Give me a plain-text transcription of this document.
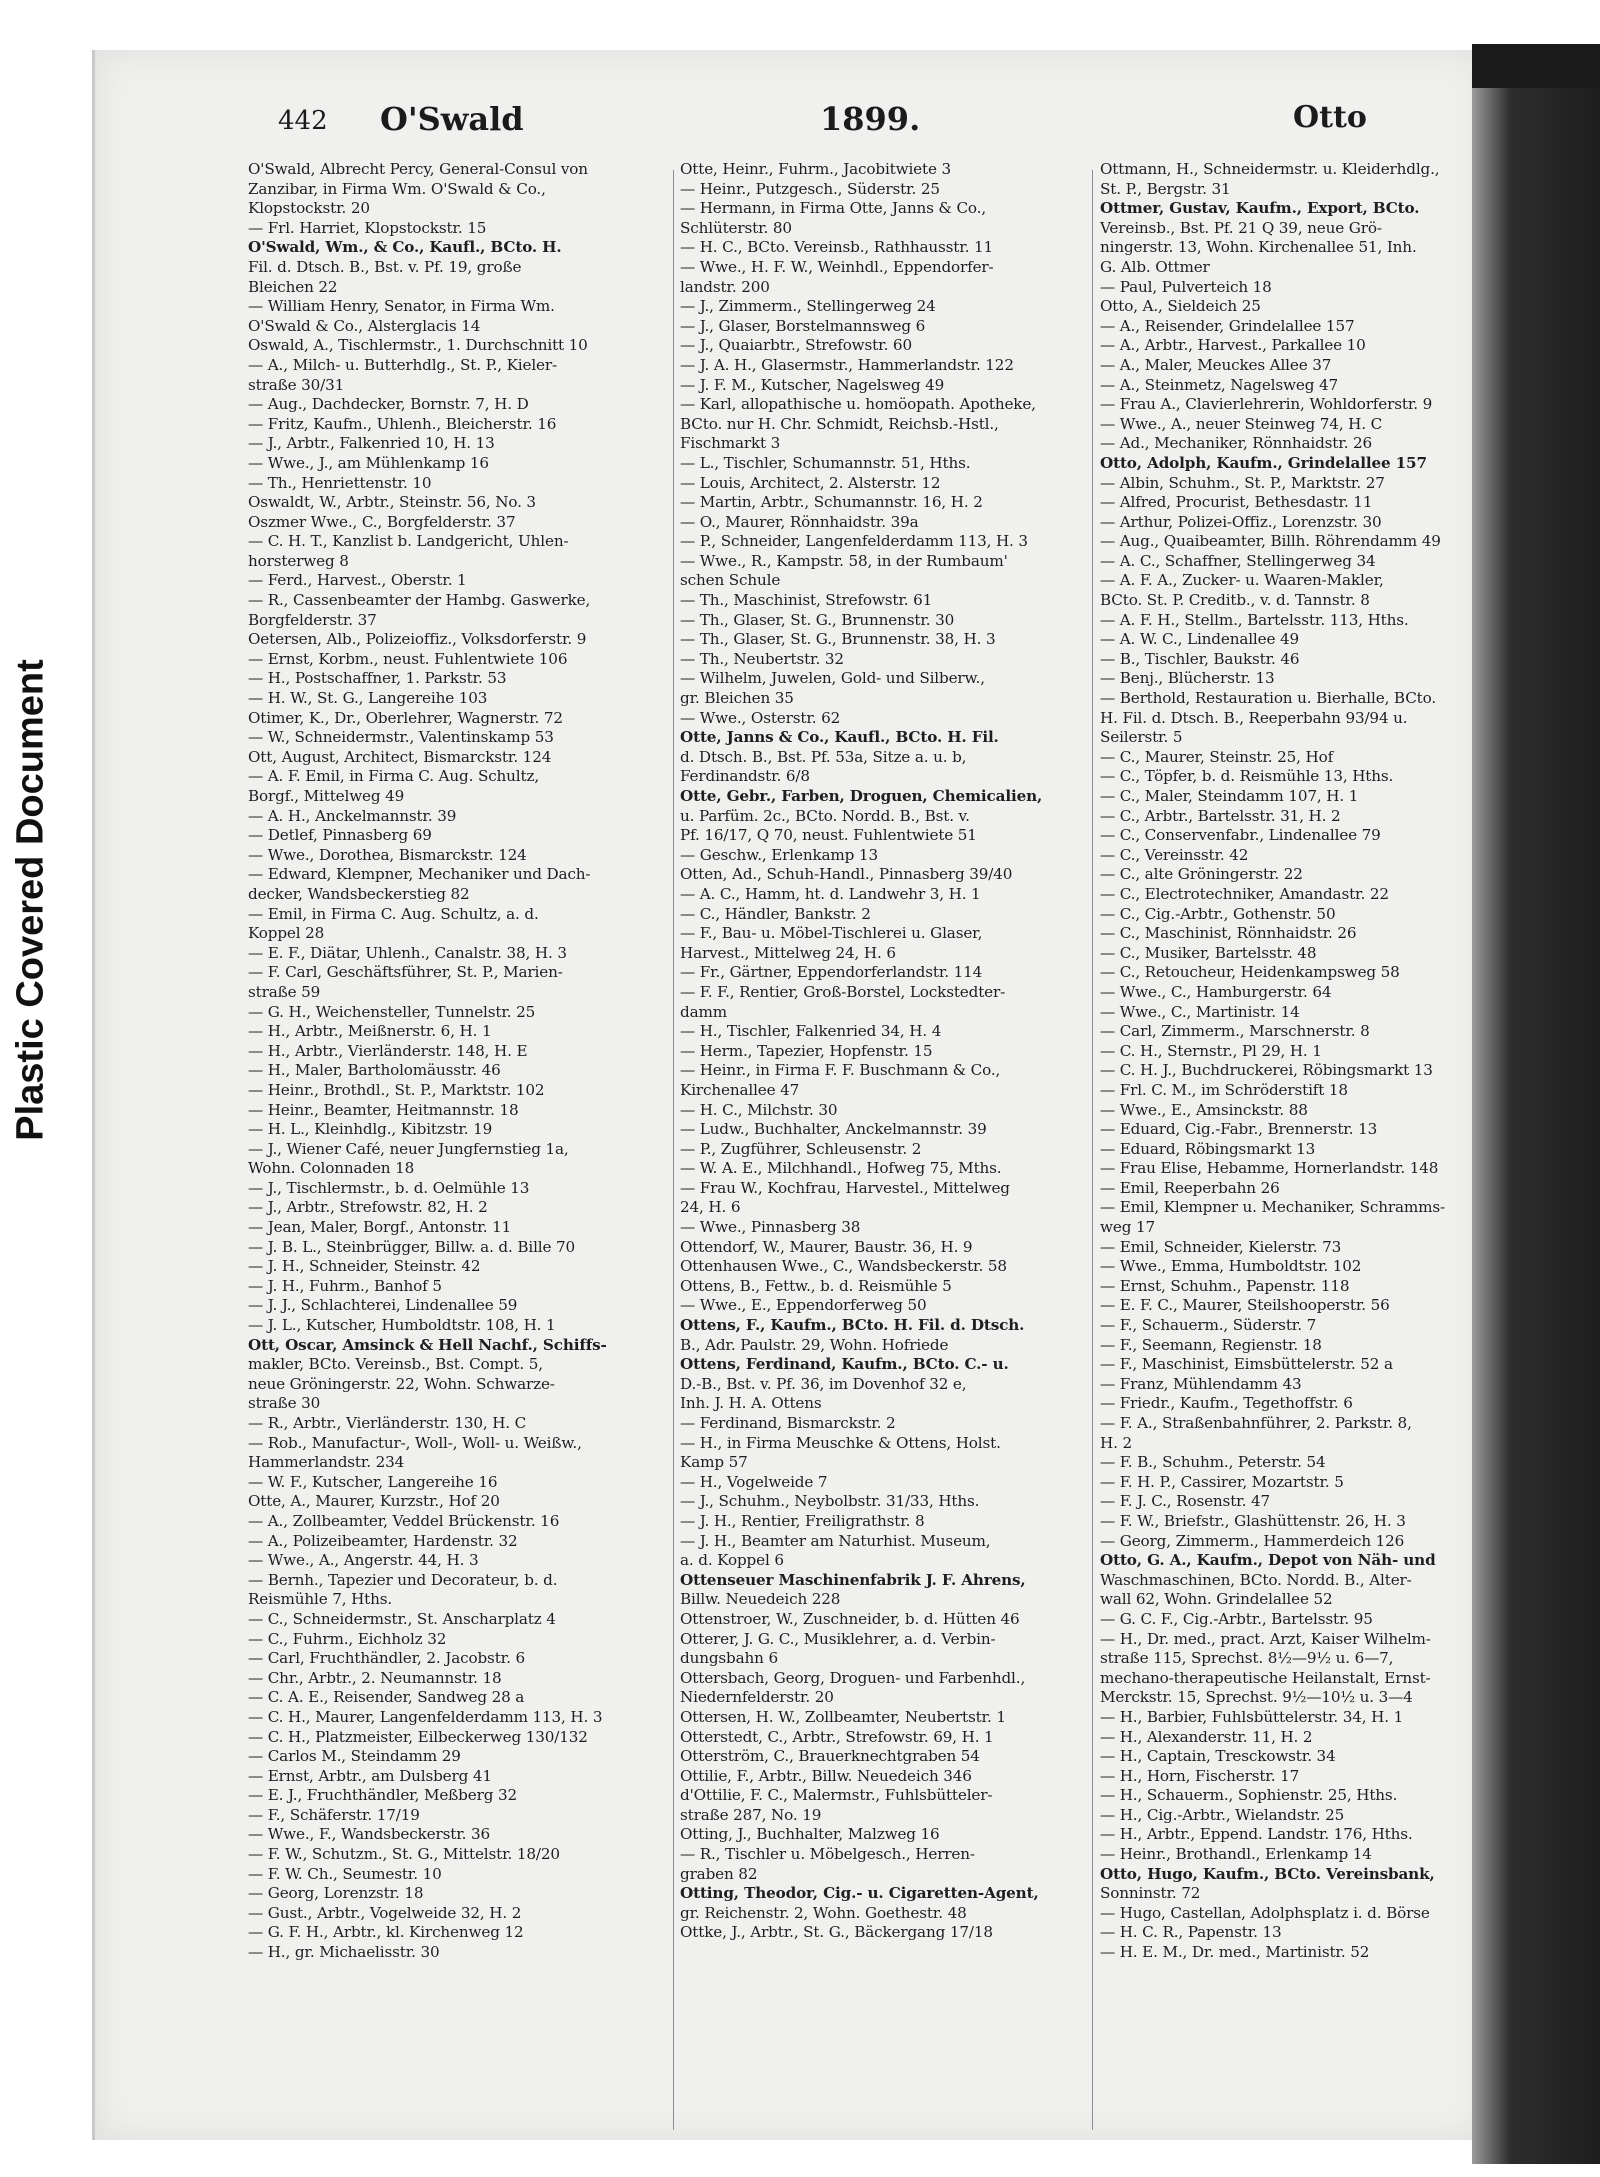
Plastic Covered Document
442 O'Swald	1899.	Otto
O'Swald, Albrecht Percy, General-Consul von
Zanzibar, in Firma Wm. O'Swald & Co.,
Klopstockstr. 20
— Frl. Harriet, Klopstockstr. 15
O'Swald, Wm., & Co., Kaufl., BCto. H.
Fil. d. Dtsch. B., Bst. v. Pf. 19, große
Bleichen 22
— William Henry, Senator, in Firma Wm.
O'Swald & Co., Alsterglacis 14
Oswald, A., Tischlermstr., 1. Durchschnitt 10
— A., Milch- u. Butterhdlg., St. P., Kieler-
straße 30/31
— Aug., Dachdecker, Bornstr. 7, H. D
— Fritz, Kaufm., Uhlenh., Bleicherstr. 16
— J., Arbtr., Falkenried 10, H. 13
— Wwe., J., am Mühlenkamp 16
— Th., Henriettenstr. 10
Oswaldt, W., Arbtr., Steinstr. 56, No. 3
Oszmer Wwe., C., Borgfelderstr. 37
— C. H. T., Kanzlist b. Landgericht, Uhlen-
horsterweg 8
— Ferd., Harvest., Oberstr. 1
— R., Cassenbeamter der Hambg. Gaswerke,
Borgfelderstr. 37
Oetersen, Alb., Polizeioffiz., Volksdorferstr. 9
— Ernst, Korbm., neust. Fuhlentwiete 106
— H., Postschaffner, 1. Parkstr. 53
— H. W., St. G., Langereihe 103
Otimer, K., Dr., Oberlehrer, Wagnerstr. 72
— W., Schneidermstr., Valentinskamp 53
Ott, August, Architect, Bismarckstr. 124
— A. F. Emil, in Firma C. Aug. Schultz,
Borgf., Mittelweg 49
— A. H., Anckelmannstr. 39
— Detlef, Pinnasberg 69
— Wwe., Dorothea, Bismarckstr. 124
— Edward, Klempner, Mechaniker und Dach-
decker, Wandsbeckerstieg 82
— Emil, in Firma C. Aug. Schultz, a. d.
Koppel 28
— E. F., Diätar, Uhlenh., Canalstr. 38, H. 3
— F. Carl, Geschäftsführer, St. P., Marien-
straße 59
— G. H., Weichensteller, Tunnelstr. 25
— H., Arbtr., Meißnerstr. 6, H. 1
— H., Arbtr., Vierländerstr. 148, H. E
— H., Maler, Bartholomäusstr. 46
— Heinr., Brothdl., St. P., Marktstr. 102
— Heinr., Beamter, Heitmannstr. 18
— H. L., Kleinhdlg., Kibitzstr. 19
— J., Wiener Café, neuer Jungfernstieg 1a,
Wohn. Colonnaden 18
— J., Tischlermstr., b. d. Oelmühle 13
— J., Arbtr., Strefowstr. 82, H. 2
— Jean, Maler, Borgf., Antonstr. 11
— J. B. L., Steinbrügger, Billw. a. d. Bille 70
— J. H., Schneider, Steinstr. 42
— J. H., Fuhrm., Banhof 5
— J. J., Schlachterei, Lindenallee 59
— J. L., Kutscher, Humboldtstr. 108, H. 1
Ott, Oscar, Amsinck & Hell Nachf., Schiffs-
makler, BCto. Vereinsb., Bst. Compt. 5,
neue Gröningerstr. 22, Wohn. Schwarze-
straße 30
— R., Arbtr., Vierländerstr. 130, H. C
— Rob., Manufactur-, Woll-, Woll- u. Weißw.,
Hammerlandstr. 234
— W. F., Kutscher, Langereihe 16
Otte, A., Maurer, Kurzstr., Hof 20
— A., Zollbeamter, Veddel Brückenstr. 16
— A., Polizeibeamter, Hardenstr. 32
— Wwe., A., Angerstr. 44, H. 3
— Bernh., Tapezier und Decorateur, b. d.
Reismühle 7, Hths.
— C., Schneidermstr., St. Anscharplatz 4
— C., Fuhrm., Eichholz 32
— Carl, Fruchthändler, 2. Jacobstr. 6
— Chr., Arbtr., 2. Neumannstr. 18
— C. A. E., Reisender, Sandweg 28 a
— C. H., Maurer, Langenfelderdamm 113, H. 3
— C. H., Platzmeister, Eilbeckerweg 130/132
— Carlos M., Steindamm 29
— Ernst, Arbtr., am Dulsberg 41
— E. J., Fruchthändler, Meßberg 32
— F., Schäferstr. 17/19
— Wwe., F., Wandsbeckerstr. 36
— F. W., Schutzm., St. G., Mittelstr. 18/20
— F. W. Ch., Seumestr. 10
— Georg, Lorenzstr. 18
— Gust., Arbtr., Vogelweide 32, H. 2
— G. F. H., Arbtr., kl. Kirchenweg 12
— H., gr. Michaelisstr. 30
Otte, Heinr., Fuhrm., Jacobitwiete 3
— Heinr., Putzgesch., Süderstr. 25
— Hermann, in Firma Otte, Janns & Co.,
Schlüterstr. 80
— H. C., BCto. Vereinsb., Rathhausstr. 11
— Wwe., H. F. W., Weinhdl., Eppendorfer-
landstr. 200
— J., Zimmerm., Stellingerweg 24
— J., Glaser, Borstelmannsweg 6
— J., Quaiarbtr., Strefowstr. 60
— J. A. H., Glasermstr., Hammerlandstr. 122
— J. F. M., Kutscher, Nagelsweg 49
— Karl, allopathische u. homöopath. Apotheke,
BCto. nur H. Chr. Schmidt, Reichsb.-Hstl.,
Fischmarkt 3
— L., Tischler, Schumannstr. 51, Hths.
— Louis, Architect, 2. Alsterstr. 12
— Martin, Arbtr., Schumannstr. 16, H. 2
— O., Maurer, Rönnhaidstr. 39a
— P., Schneider, Langenfelderdamm 113, H. 3
— Wwe., R., Kampstr. 58, in der Rumbaum'
schen Schule
— Th., Maschinist, Strefowstr. 61
— Th., Glaser, St. G., Brunnenstr. 30
— Th., Glaser, St. G., Brunnenstr. 38, H. 3
— Th., Neubertstr. 32
— Wilhelm, Juwelen, Gold- und Silberw.,
gr. Bleichen 35
— Wwe., Osterstr. 62
Otte, Janns & Co., Kaufl., BCto. H. Fil.
d. Dtsch. B., Bst. Pf. 53a, Sitze a. u. b,
Ferdinandstr. 6/8
Otte, Gebr., Farben, Droguen, Chemicalien,
u. Parfüm. 2c., BCto. Nordd. B., Bst. v.
Pf. 16/17, Q 70, neust. Fuhlentwiete 51
— Geschw., Erlenkamp 13
Otten, Ad., Schuh-Handl., Pinnasberg 39/40
— A. C., Hamm, ht. d. Landwehr 3, H. 1
— C., Händler, Bankstr. 2
— F., Bau- u. Möbel-Tischlerei u. Glaser,
Harvest., Mittelweg 24, H. 6
— Fr., Gärtner, Eppendorferlandstr. 114
— F. F., Rentier, Groß-Borstel, Lockstedter-
damm
— H., Tischler, Falkenried 34, H. 4
— Herm., Tapezier, Hopfenstr. 15
— Heinr., in Firma F. F. Buschmann & Co.,
Kirchenallee 47
— H. C., Milchstr. 30
— Ludw., Buchhalter, Anckelmannstr. 39
— P., Zugführer, Schleusenstr. 2
— W. A. E., Milchhandl., Hofweg 75, Mths.
— Frau W., Kochfrau, Harvestel., Mittelweg
24, H. 6
— Wwe., Pinnasberg 38
Ottendorf, W., Maurer, Baustr. 36, H. 9
Ottenhausen Wwe., C., Wandsbeckerstr. 58
Ottens, B., Fettw., b. d. Reismühle 5
— Wwe., E., Eppendorferweg 50
Ottens, F., Kaufm., BCto. H. Fil. d. Dtsch.
B., Adr. Paulstr. 29, Wohn. Hofriede
Ottens, Ferdinand, Kaufm., BCto. C.- u.
D.-B., Bst. v. Pf. 36, im Dovenhof 32 e,
Inh. J. H. A. Ottens
— Ferdinand, Bismarckstr. 2
— H., in Firma Meuschke & Ottens, Holst.
Kamp 57
— H., Vogelweide 7
— J., Schuhm., Neybolbstr. 31/33, Hths.
— J. H., Rentier, Freiligrathstr. 8
— J. H., Beamter am Naturhist. Museum,
a. d. Koppel 6
Ottenseuer Maschinenfabrik J. F. Ahrens,
Billw. Neuedeich 228
Ottenstroer, W., Zuschneider, b. d. Hütten 46
Otterer, J. G. C., Musiklehrer, a. d. Verbin-
dungsbahn 6
Ottersbach, Georg, Droguen- und Farbenhdl.,
Niedernfelderstr. 20
Ottersen, H. W., Zollbeamter, Neubertstr. 1
Otterstedt, C., Arbtr., Strefowstr. 69, H. 1
Otterström, C., Brauerknechtgraben 54
Ottilie, F., Arbtr., Billw. Neuedeich 346
d'Ottilie, F. C., Malermstr., Fuhlsbütteler-
straße 287, No. 19
Otting, J., Buchhalter, Malzweg 16
— R., Tischler u. Möbelgesch., Herren-
graben 82
Otting, Theodor, Cig.- u. Cigaretten-Agent,
gr. Reichenstr. 2, Wohn. Goethestr. 48
Ottke, J., Arbtr., St. G., Bäckergang 17/18
Ottmann, H., Schneidermstr. u. Kleiderhdlg.,
St. P., Bergstr. 31
Ottmer, Gustav, Kaufm., Export, BCto.
Vereinsb., Bst. Pf. 21 Q 39, neue Grö-
ningerstr. 13, Wohn. Kirchenallee 51, Inh.
G. Alb. Ottmer
— Paul, Pulverteich 18
Otto, A., Sieldeich 25
— A., Reisender, Grindelallee 157
— A., Arbtr., Harvest., Parkallee 10
— A., Maler, Meuckes Allee 37
— A., Steinmetz, Nagelsweg 47
— Frau A., Clavierlehrerin, Wohldorferstr. 9
— Wwe., A., neuer Steinweg 74, H. C
— Ad., Mechaniker, Rönnhaidstr. 26
Otto, Adolph, Kaufm., Grindelallee 157
— Albin, Schuhm., St. P., Marktstr. 27
— Alfred, Procurist, Bethesdastr. 11
— Arthur, Polizei-Offiz., Lorenzstr. 30
— Aug., Quaibeamter, Billh. Röhrendamm 49
— A. C., Schaffner, Stellingerweg 34
— A. F. A., Zucker- u. Waaren-Makler,
BCto. St. P. Creditb., v. d. Tannstr. 8
— A. F. H., Stellm., Bartelsstr. 113, Hths.
— A. W. C., Lindenallee 49
— B., Tischler, Baukstr. 46
— Benj., Blücherstr. 13
— Berthold, Restauration u. Bierhalle, BCto.
H. Fil. d. Dtsch. B., Reeperbahn 93/94 u.
Seilerstr. 5
— C., Maurer, Steinstr. 25, Hof
— C., Töpfer, b. d. Reismühle 13, Hths.
— C., Maler, Steindamm 107, H. 1
— C., Arbtr., Bartelsstr. 31, H. 2
— C., Conservenfabr., Lindenallee 79
— C., Vereinsstr. 42
— C., alte Gröningerstr. 22
— C., Electrotechniker, Amandastr. 22
— C., Cig.-Arbtr., Gothenstr. 50
— C., Maschinist, Rönnhaidstr. 26
— C., Musiker, Bartelsstr. 48
— C., Retoucheur, Heidenkampsweg 58
— Wwe., C., Hamburgerstr. 64
— Wwe., C., Martinistr. 14
— Carl, Zimmerm., Marschnerstr. 8
— C. H., Sternstr., Pl 29, H. 1
— C. H. J., Buchdruckerei, Röbingsmarkt 13
— Frl. C. M., im Schröderstift 18
— Wwe., E., Amsinckstr. 88
— Eduard, Cig.-Fabr., Brennerstr. 13
— Eduard, Röbingsmarkt 13
— Frau Elise, Hebamme, Hornerlandstr. 148
— Emil, Reeperbahn 26
— Emil, Klempner u. Mechaniker, Schramms-
weg 17
— Emil, Schneider, Kielerstr. 73
— Wwe., Emma, Humboldtstr. 102
— Ernst, Schuhm., Papenstr. 118
— E. F. C., Maurer, Steilshooperstr. 56
— F., Schauerm., Süderstr. 7
— F., Seemann, Regienstr. 18
— F., Maschinist, Eimsbüttelerstr. 52 a
— Franz, Mühlendamm 43
— Friedr., Kaufm., Tegethoffstr. 6
— F. A., Straßenbahnführer, 2. Parkstr. 8,
H. 2
— F. B., Schuhm., Peterstr. 54
— F. H. P., Cassirer, Mozartstr. 5
— F. J. C., Rosenstr. 47
— F. W., Briefstr., Glashüttenstr. 26, H. 3
— Georg, Zimmerm., Hammerdeich 126
Otto, G. A., Kaufm., Depot von Näh- und
Waschmaschinen, BCto. Nordd. B., Alter-
wall 62, Wohn. Grindelallee 52
— G. C. F., Cig.-Arbtr., Bartelsstr. 95
— H., Dr. med., pract. Arzt, Kaiser Wilhelm-
straße 115, Sprechst. 8½—9½ u. 6—7,
mechano-therapeutische Heilanstalt, Ernst-
Merckstr. 15, Sprechst. 9½—10½ u. 3—4
— H., Barbier, Fuhlsbüttelerstr. 34, H. 1
— H., Alexanderstr. 11, H. 2
— H., Captain, Tresckowstr. 34
— H., Horn, Fischerstr. 17
— H., Schauerm., Sophienstr. 25, Hths.
— H., Cig.-Arbtr., Wielandstr. 25
— H., Arbtr., Eppend. Landstr. 176, Hths.
— Heinr., Brothandl., Erlenkamp 14
Otto, Hugo, Kaufm., BCto. Vereinsbank,
Sonninstr. 72
— Hugo, Castellan, Adolphsplatz i. d. Börse
— H. C. R., Papenstr. 13
— H. E. M., Dr. med., Martinistr. 52
